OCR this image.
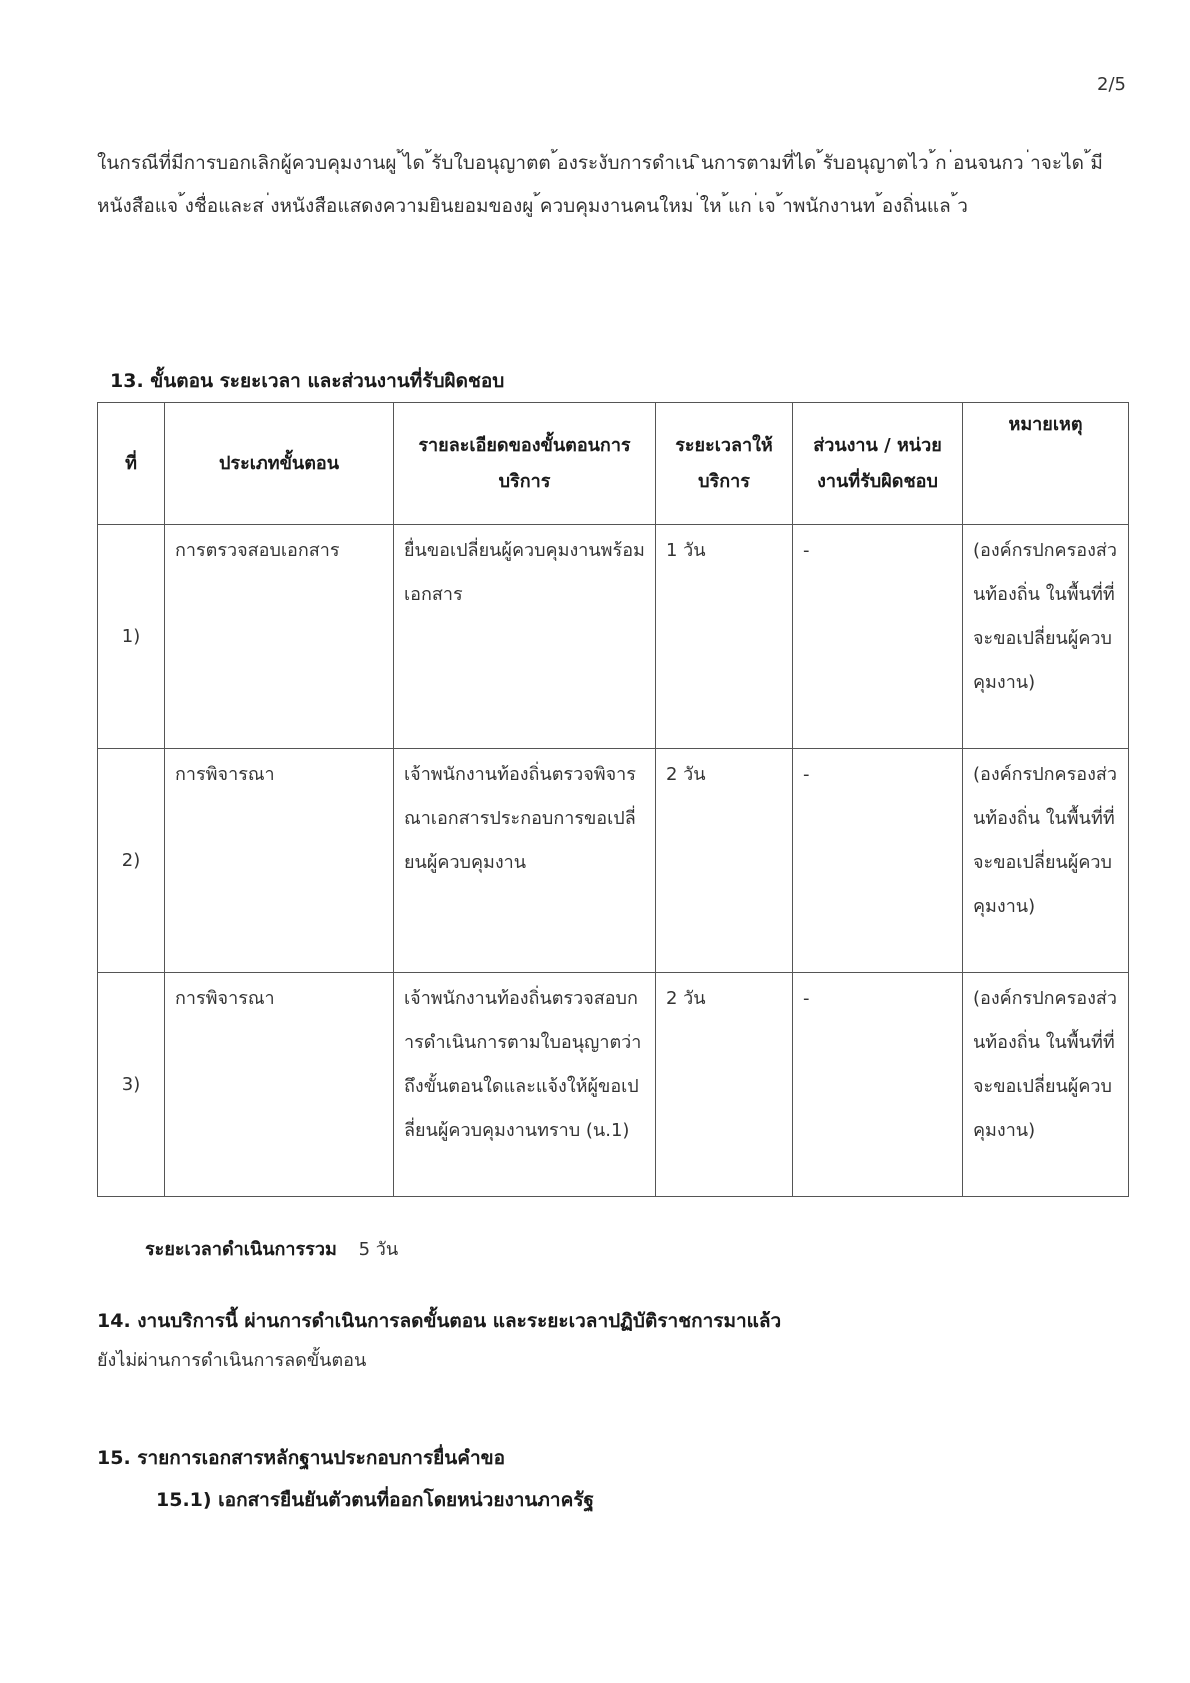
2/5

ในกรณีที่มีการบอกเลิกผู้ควบคุมงานผู ้ได ้รับใบอนุญาตต ้องระงับการดำเน ินการตามที่ได ้รับอนุญาตไว ้ก ่อนจนกว ่าจะได ้มีหนังสือแจ ้งชื่อและส ่งหนังสือแสดงความยินยอมของผู ้ควบคุมงานคนใหม ่ให ้แก ่เจ ้าพนักงานท ้องถิ่นแล ้ว

13. ขั้นตอน ระยะเวลา และส่วนงานที่รับผิดชอบ
ที่	ประเภทขั้นตอน	รายละเอียดของขั้นตอนการบริการ	ระยะเวลาให้บริการ	ส่วนงาน / หน่วยงานที่รับผิดชอบ	หมายเหตุ
1)	การตรวจสอบเอกสาร	ยื่นขอเปลี่ยนผู้ควบคุมงานพร้อมเอกสาร	1 วัน	-	(องค์กรปกครองส่วนท้องถิ่น ในพื้นที่ที่จะขอเปลี่ยนผู้ควบคุมงาน)
2)	การพิจารณา	เจ้าพนักงานท้องถิ่นตรวจพิจารณาเอกสารประกอบการขอเปลี่ยนผู้ควบคุมงาน	2 วัน	-	(องค์กรปกครองส่วนท้องถิ่น ในพื้นที่ที่จะขอเปลี่ยนผู้ควบคุมงาน)
3)	การพิจารณา	เจ้าพนักงานท้องถิ่นตรวจสอบการดำเนินการตามใบอนุญาตว่าถึงขั้นตอนใดและแจ้งให้ผู้ขอเปลี่ยนผู้ควบคุมงานทราบ (น.1)	2 วัน	-	(องค์กรปกครองส่วนท้องถิ่น ในพื้นที่ที่จะขอเปลี่ยนผู้ควบคุมงาน)
ระยะเวลาดำเนินการรวม 5 วัน
14. งานบริการนี้ ผ่านการดำเนินการลดขั้นตอน และระยะเวลาปฏิบัติราชการมาแล้ว

ยังไม่ผ่านการดำเนินการลดขั้นตอน

15. รายการเอกสารหลักฐานประกอบการยื่นคำขอ
15.1) เอกสารยืนยันตัวตนที่ออกโดยหน่วยงานภาครัฐ
